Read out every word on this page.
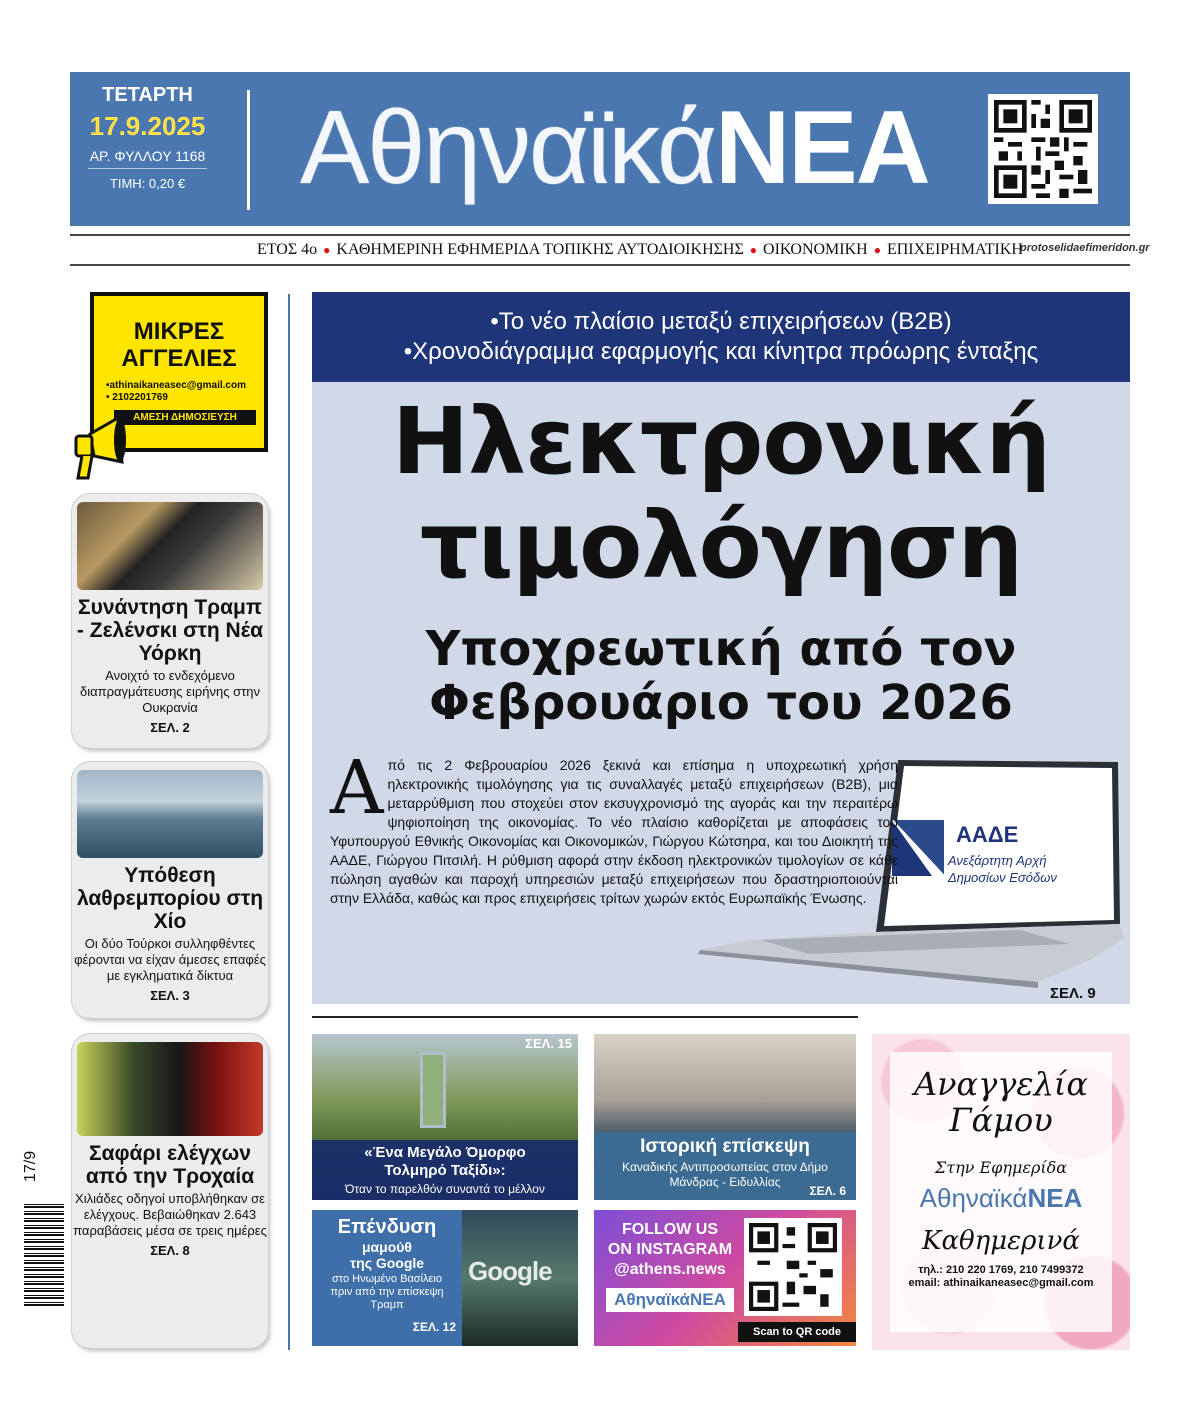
ΤΕΤΑΡΤΗ
17.9.2025
ΑΡ. ΦΥΛΛΟΥ 1168
ΤΙΜΗ: 0,20 € ΑθηναϊκάΝΕΑ
ΕΤΟΣ 4ο ● ΚΑΘΗΜΕΡΙΝΗ ΕΦΗΜΕΡΙΔΑ ΤΟΠΙΚΗΣ ΑΥΤΟΔΙΟΙΚΗΣΗΣ ● ΟΙΚΟΝΟΜΙΚΗ ● ΕΠΙΧΕΙΡΗΜΑΤΙΚΗ
protoselidaefimeridon.gr
ΜΙΚΡΕΣ
ΑΓΓΕΛΙΕΣ
•athinaikaneasec@gmail.com
• 2102201769
ΑΜΕΣΗ ΔΗΜΟΣΙΕΥΣΗ
Συνάντηση Τραμπ - Ζελένσκι στη Νέα Υόρκη

Ανοιχτό το ενδεχόμενο διαπραγμάτευσης ειρήνης στην Ουκρανία

ΣΕΛ. 2
Υπόθεση λαθρεμπορίου στη Χίο

Οι δύο Τούρκοι συλληφθέντες φέρονται να είχαν άμεσες επαφές με εγκληματικά δίκτυα

ΣΕΛ. 3
Σαφάρι ελέγχων από την Τροχαία

Χιλιάδες οδηγοί υποβλήθηκαν σε ελέγχους. Βεβαιώθηκαν 2.643 παραβάσεις μέσα σε τρεις ημέρες

ΣΕΛ. 8
17/9
•Το νέο πλαίσιο μεταξύ επιχειρήσεων (B2B)
•Χρονοδιάγραμμα εφαρμογής και κίνητρα πρόωρης ένταξης
Ηλεκτρονική
τιμολόγηση
Υποχρεωτική από τον
Φεβρουάριο του 2026
ΑΑΔΕ
Ανεξάρτητη Αρχή
Δημοσίων Εσόδων
Από τις 2 Φεβρουαρίου 2026 ξεκινά και επίσημα η υποχρεωτική χρήση ηλεκτρονικής τιμολόγησης για τις συναλλαγές μεταξύ επιχειρήσεων (B2B), μια μεταρρύθμιση που στοχεύει στον εκσυγχρονισμό της αγοράς και την περαιτέρω ψηφιοποίηση της οικονομίας. Το νέο πλαίσιο καθορίζεται με αποφάσεις του Υφυπουργού Εθνικής Οικονομίας και Οικονομικών, Γιώργου Κώτσηρα, και του Διοικητή της ΑΑΔΕ, Γιώργου Πιτσιλή. Η ρύθμιση αφορά στην έκδοση ηλεκτρονικών τιμολογίων σε κάθε πώληση αγαθών και παροχή υπηρεσιών μεταξύ επιχειρήσεων που δραστηριοποιούνται στην Ελλάδα, καθώς και προς επιχειρήσεις τρίτων χωρών εκτός Ευρωπαϊκής Ένωσης.
ΣΕΛ. 9
ΣΕΛ. 15
«Ένα Μεγάλο Όμορφο Τολμηρό Ταξίδι»:
Όταν το παρελθόν συναντά το μέλλον
Ιστορική επίσκεψη
Καναδικής Αντιπροσωπείας στον Δήμο Μάνδρας - Ειδυλλίας
ΣΕΛ. 6
Επένδυση
μαμούθ
της Google
στο Ηνωμένο Βασίλειο πριν από την επίσκεψη Τραμπ
ΣΕΛ. 12
Google
FOLLOW US
ON INSTAGRAM
@athens.news
ΑθηναϊκάΝΕΑ
Scan to QR code
Αναγγελία
Γάμου
Στην Εφημερίδα
ΑθηναϊκάΝΕΑ
Καθημερινά
τηλ.: 210 220 1769, 210 7499372
email: athinaikaneasec@gmail.com
